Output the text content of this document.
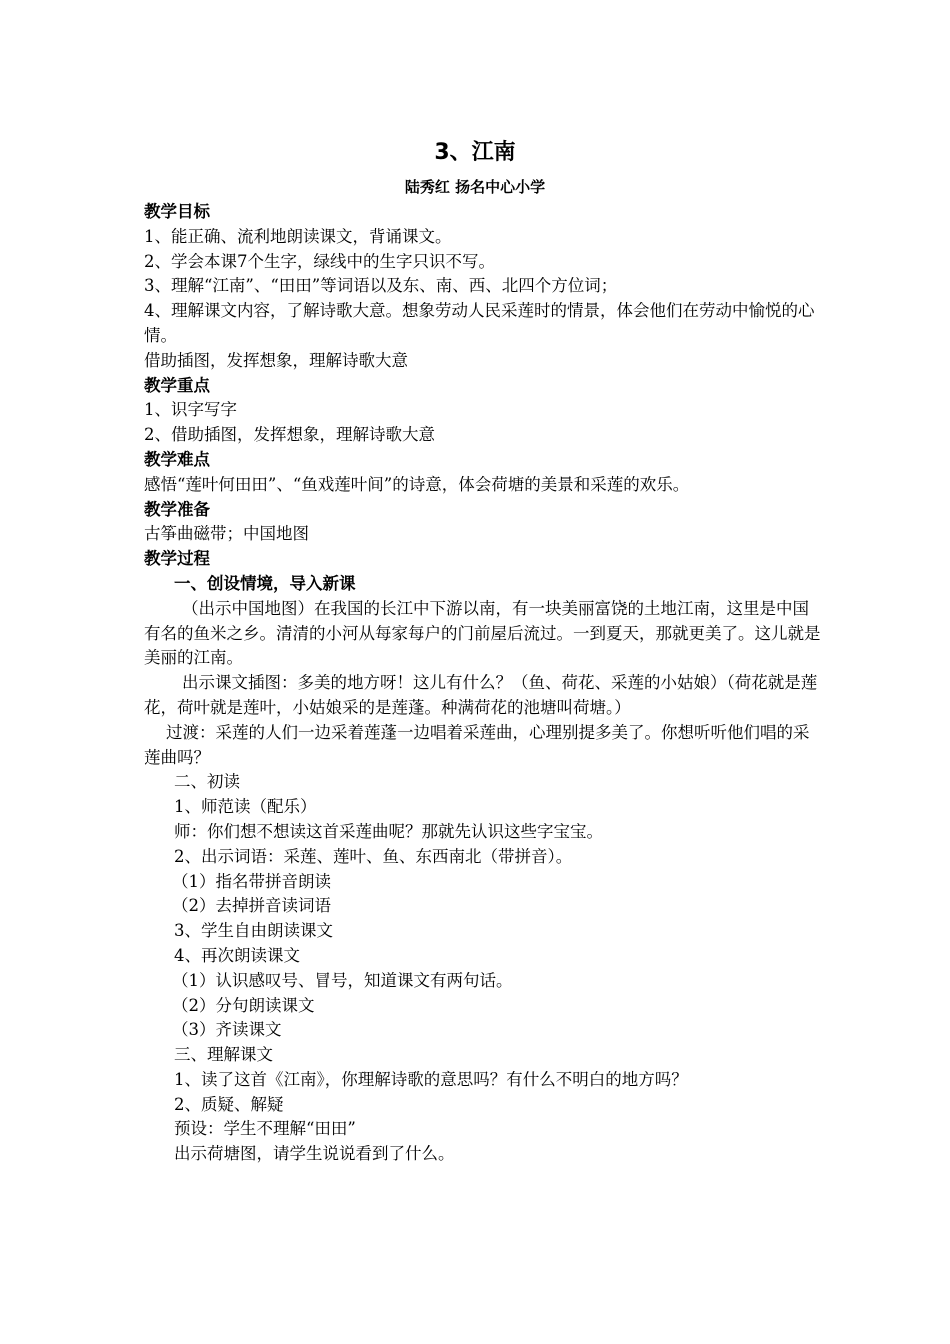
3、江南
陆秀红 扬名中心小学
教学目标
1、能正确、流利地朗读课文，背诵课文。
2、学会本课7个生字，绿线中的生字只识不写。
3、理解“江南”、“田田”等词语以及东、南、西、北四个方位词；
4、理解课文内容，了解诗歌大意。想象劳动人民采莲时的情景，体会他们在劳动中愉悦的心情。
借助插图，发挥想象，理解诗歌大意
教学重点
1、识字写字
2、借助插图，发挥想象，理解诗歌大意
教学难点
感悟“莲叶何田田”、“鱼戏莲叶间”的诗意，体会荷塘的美景和采莲的欢乐。
教学准备
古筝曲磁带；中国地图
教学过程
一、创设情境，导入新课
（出示中国地图）在我国的长江中下游以南，有一块美丽富饶的土地江南，这里是中国有名的鱼米之乡。清清的小河从每家每户的门前屋后流过。一到夏天，那就更美了。这儿就是美丽的江南。
出示课文插图：多美的地方呀！这儿有什么？（鱼、荷花、采莲的小姑娘）（荷花就是莲花，荷叶就是莲叶，小姑娘采的是莲蓬。种满荷花的池塘叫荷塘。）
过渡：采莲的人们一边采着莲蓬一边唱着采莲曲，心理别提多美了。你想听听他们唱的采莲曲吗？
二、初读
1、师范读（配乐）
师：你们想不想读这首采莲曲呢？那就先认识这些字宝宝。
2、出示词语：采莲、莲叶、鱼、东西南北（带拼音）。
（1）指名带拼音朗读
（2）去掉拼音读词语
3、学生自由朗读课文
4、再次朗读课文
（1）认识感叹号、冒号，知道课文有两句话。
（2）分句朗读课文
（3）齐读课文
三、理解课文
1、读了这首《江南》，你理解诗歌的意思吗？有什么不明白的地方吗？
2、质疑、解疑
预设：学生不理解“田田”
出示荷塘图，请学生说说看到了什么。
